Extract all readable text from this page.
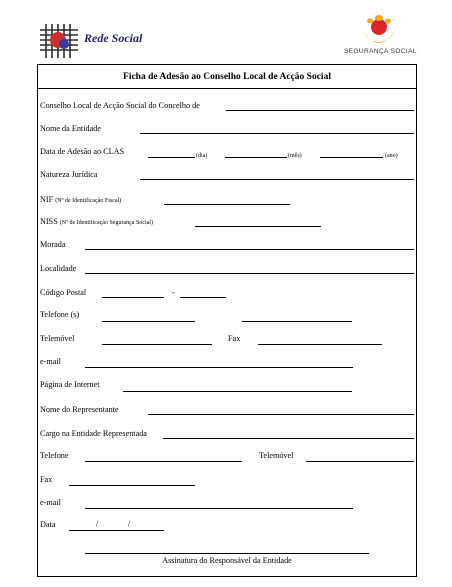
Rede Social
SEGURANÇA SOCIAL
Ficha de Adesão ao Conselho Local de Acção Social
Conselho Local de Acção Social do Concelho de
Nome da Entidade
Data de Adesão ao CLAS	(dia)	(mês)	(ano)
Natureza Jurídica
NIF (Nº de Identificação Fiscal)
NISS (Nº de Identificação Segurança Social)
Morada
Localidade
Código Postal	-
Telefone (s)
Telemóvel	Fax
e-mail
Página de Internet
Nome do Representante
Cargo na Entidade Representada
Telefone	Telemóvel
Fax
e-mail
Data	/	/
Assinatura do Responsável da Entidade
